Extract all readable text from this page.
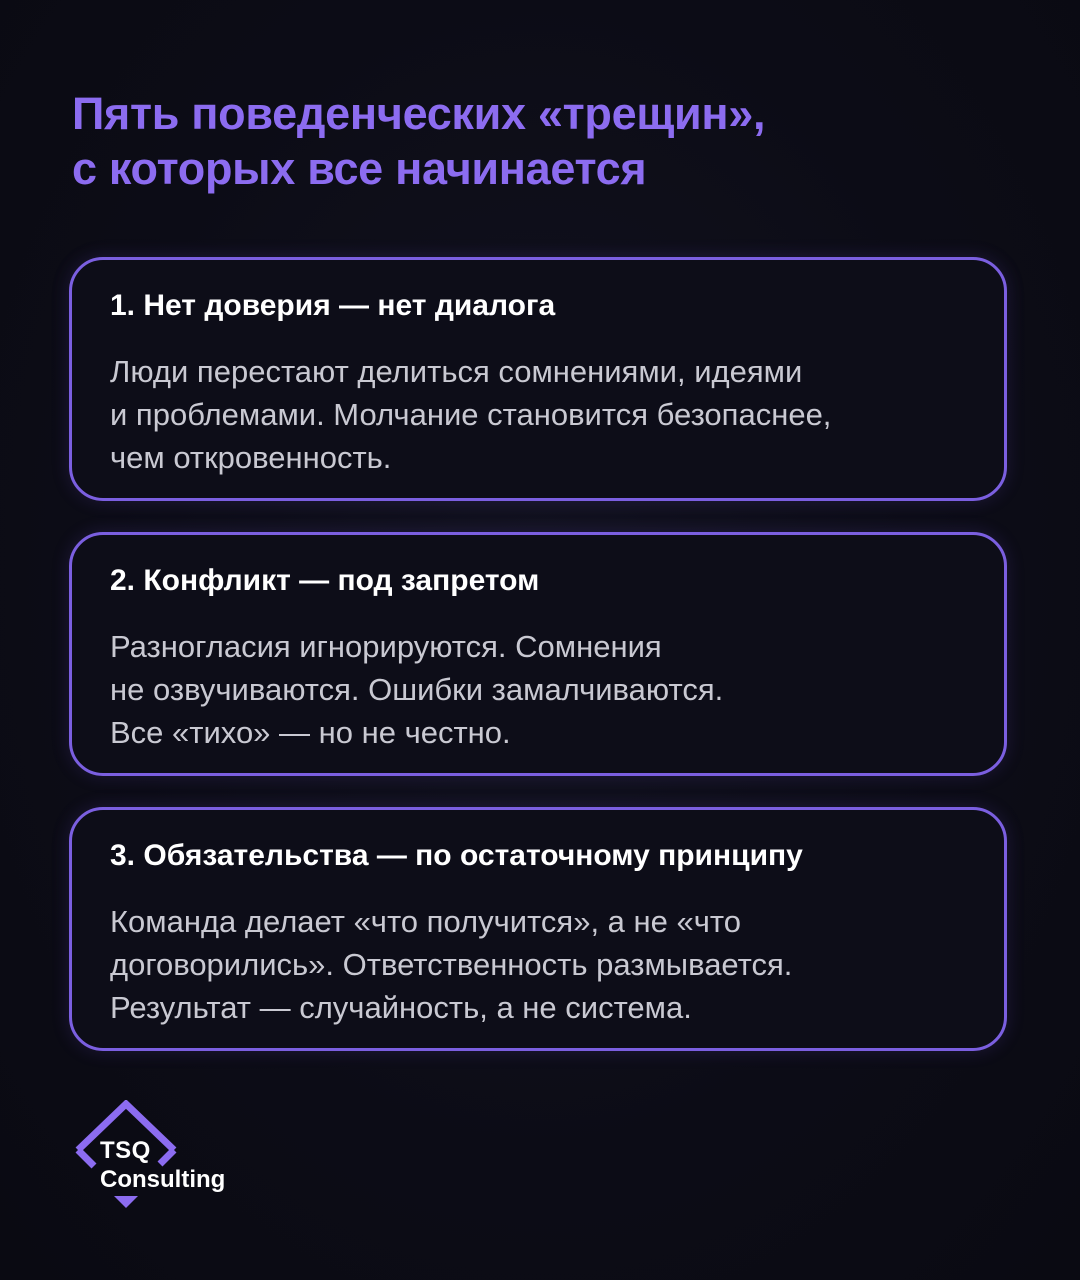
Пять поведенческих «трещин»,
с которых все начинается
1. Нет доверия — нет диалога

Люди перестают делиться сомнениями, идеями
и проблемами. Молчание становится безопаснее,
чем откровенность.

2. Конфликт — под запретом

Разногласия игнорируются. Сомнения
не озвучиваются. Ошибки замалчиваются.
Все «тихо» — но не честно.

3. Обязательства — по остаточному принципу

Команда делает «что получится», а не «что
договорились». Ответственность размывается.
Результат — случайность, а не система.

TSQ
Consulting
